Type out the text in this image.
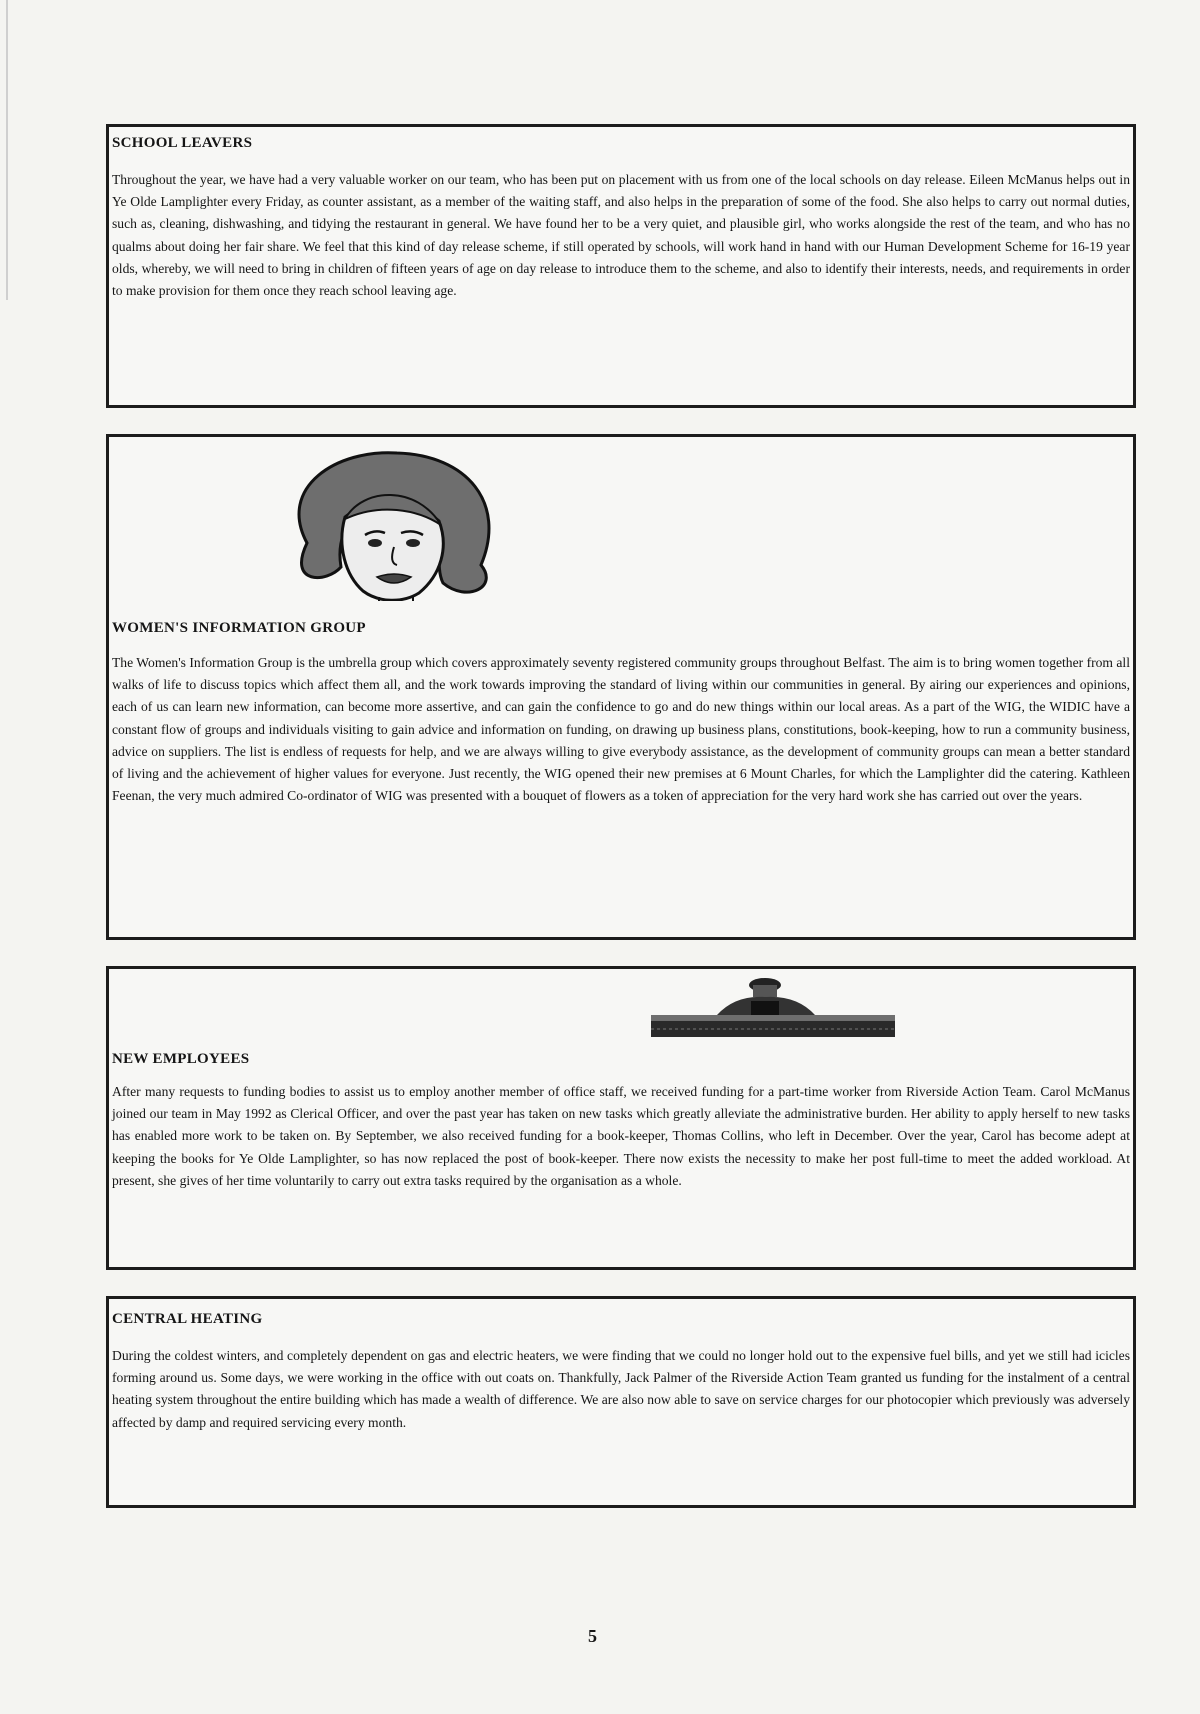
SCHOOL LEAVERS

Throughout the year, we have had a very valuable worker on our team, who has been put on placement with us from one of the local schools on day release. Eileen McManus helps out in Ye Olde Lamplighter every Friday, as counter assistant, as a member of the waiting staff, and also helps in the preparation of some of the food. She also helps to carry out normal duties, such as, cleaning, dishwashing, and tidying the restaurant in general. We have found her to be a very quiet, and plausible girl, who works alongside the rest of the team, and who has no qualms about doing her fair share. We feel that this kind of day release scheme, if still operated by schools, will work hand in hand with our Human Development Scheme for 16-19 year olds, whereby, we will need to bring in children of fifteen years of age on day release to introduce them to the scheme, and also to identify their interests, needs, and requirements in order to make provision for them once they reach school leaving age.

WOMEN'S INFORMATION GROUP

The Women's Information Group is the umbrella group which covers approximately seventy registered community groups throughout Belfast. The aim is to bring women together from all walks of life to discuss topics which affect them all, and the work towards improving the standard of living within our communities in general. By airing our experiences and opinions, each of us can learn new information, can become more assertive, and can gain the confidence to go and do new things within our local areas. As a part of the WIG, the WIDIC have a constant flow of groups and individuals visiting to gain advice and information on funding, on drawing up business plans, constitutions, book-keeping, how to run a community business, advice on suppliers. The list is endless of requests for help, and we are always willing to give everybody assistance, as the development of community groups can mean a better standard of living and the achievement of higher values for everyone. Just recently, the WIG opened their new premises at 6 Mount Charles, for which the Lamplighter did the catering. Kathleen Feenan, the very much admired Co-ordinator of WIG was presented with a bouquet of flowers as a token of appreciation for the very hard work she has carried out over the years.

NEW EMPLOYEES

After many requests to funding bodies to assist us to employ another member of office staff, we received funding for a part-time worker from Riverside Action Team. Carol McManus joined our team in May 1992 as Clerical Officer, and over the past year has taken on new tasks which greatly alleviate the administrative burden. Her ability to apply herself to new tasks has enabled more work to be taken on. By September, we also received funding for a book-keeper, Thomas Collins, who left in December. Over the year, Carol has become adept at keeping the books for Ye Olde Lamplighter, so has now replaced the post of book-keeper. There now exists the necessity to make her post full-time to meet the added workload. At present, she gives of her time voluntarily to carry out extra tasks required by the organisation as a whole.

CENTRAL HEATING

During the coldest winters, and completely dependent on gas and electric heaters, we were finding that we could no longer hold out to the expensive fuel bills, and yet we still had icicles forming around us. Some days, we were working in the office with out coats on. Thankfully, Jack Palmer of the Riverside Action Team granted us funding for the instalment of a central heating system throughout the entire building which has made a wealth of difference. We are also now able to save on service charges for our photocopier which previously was adversely affected by damp and required servicing every month.

5
